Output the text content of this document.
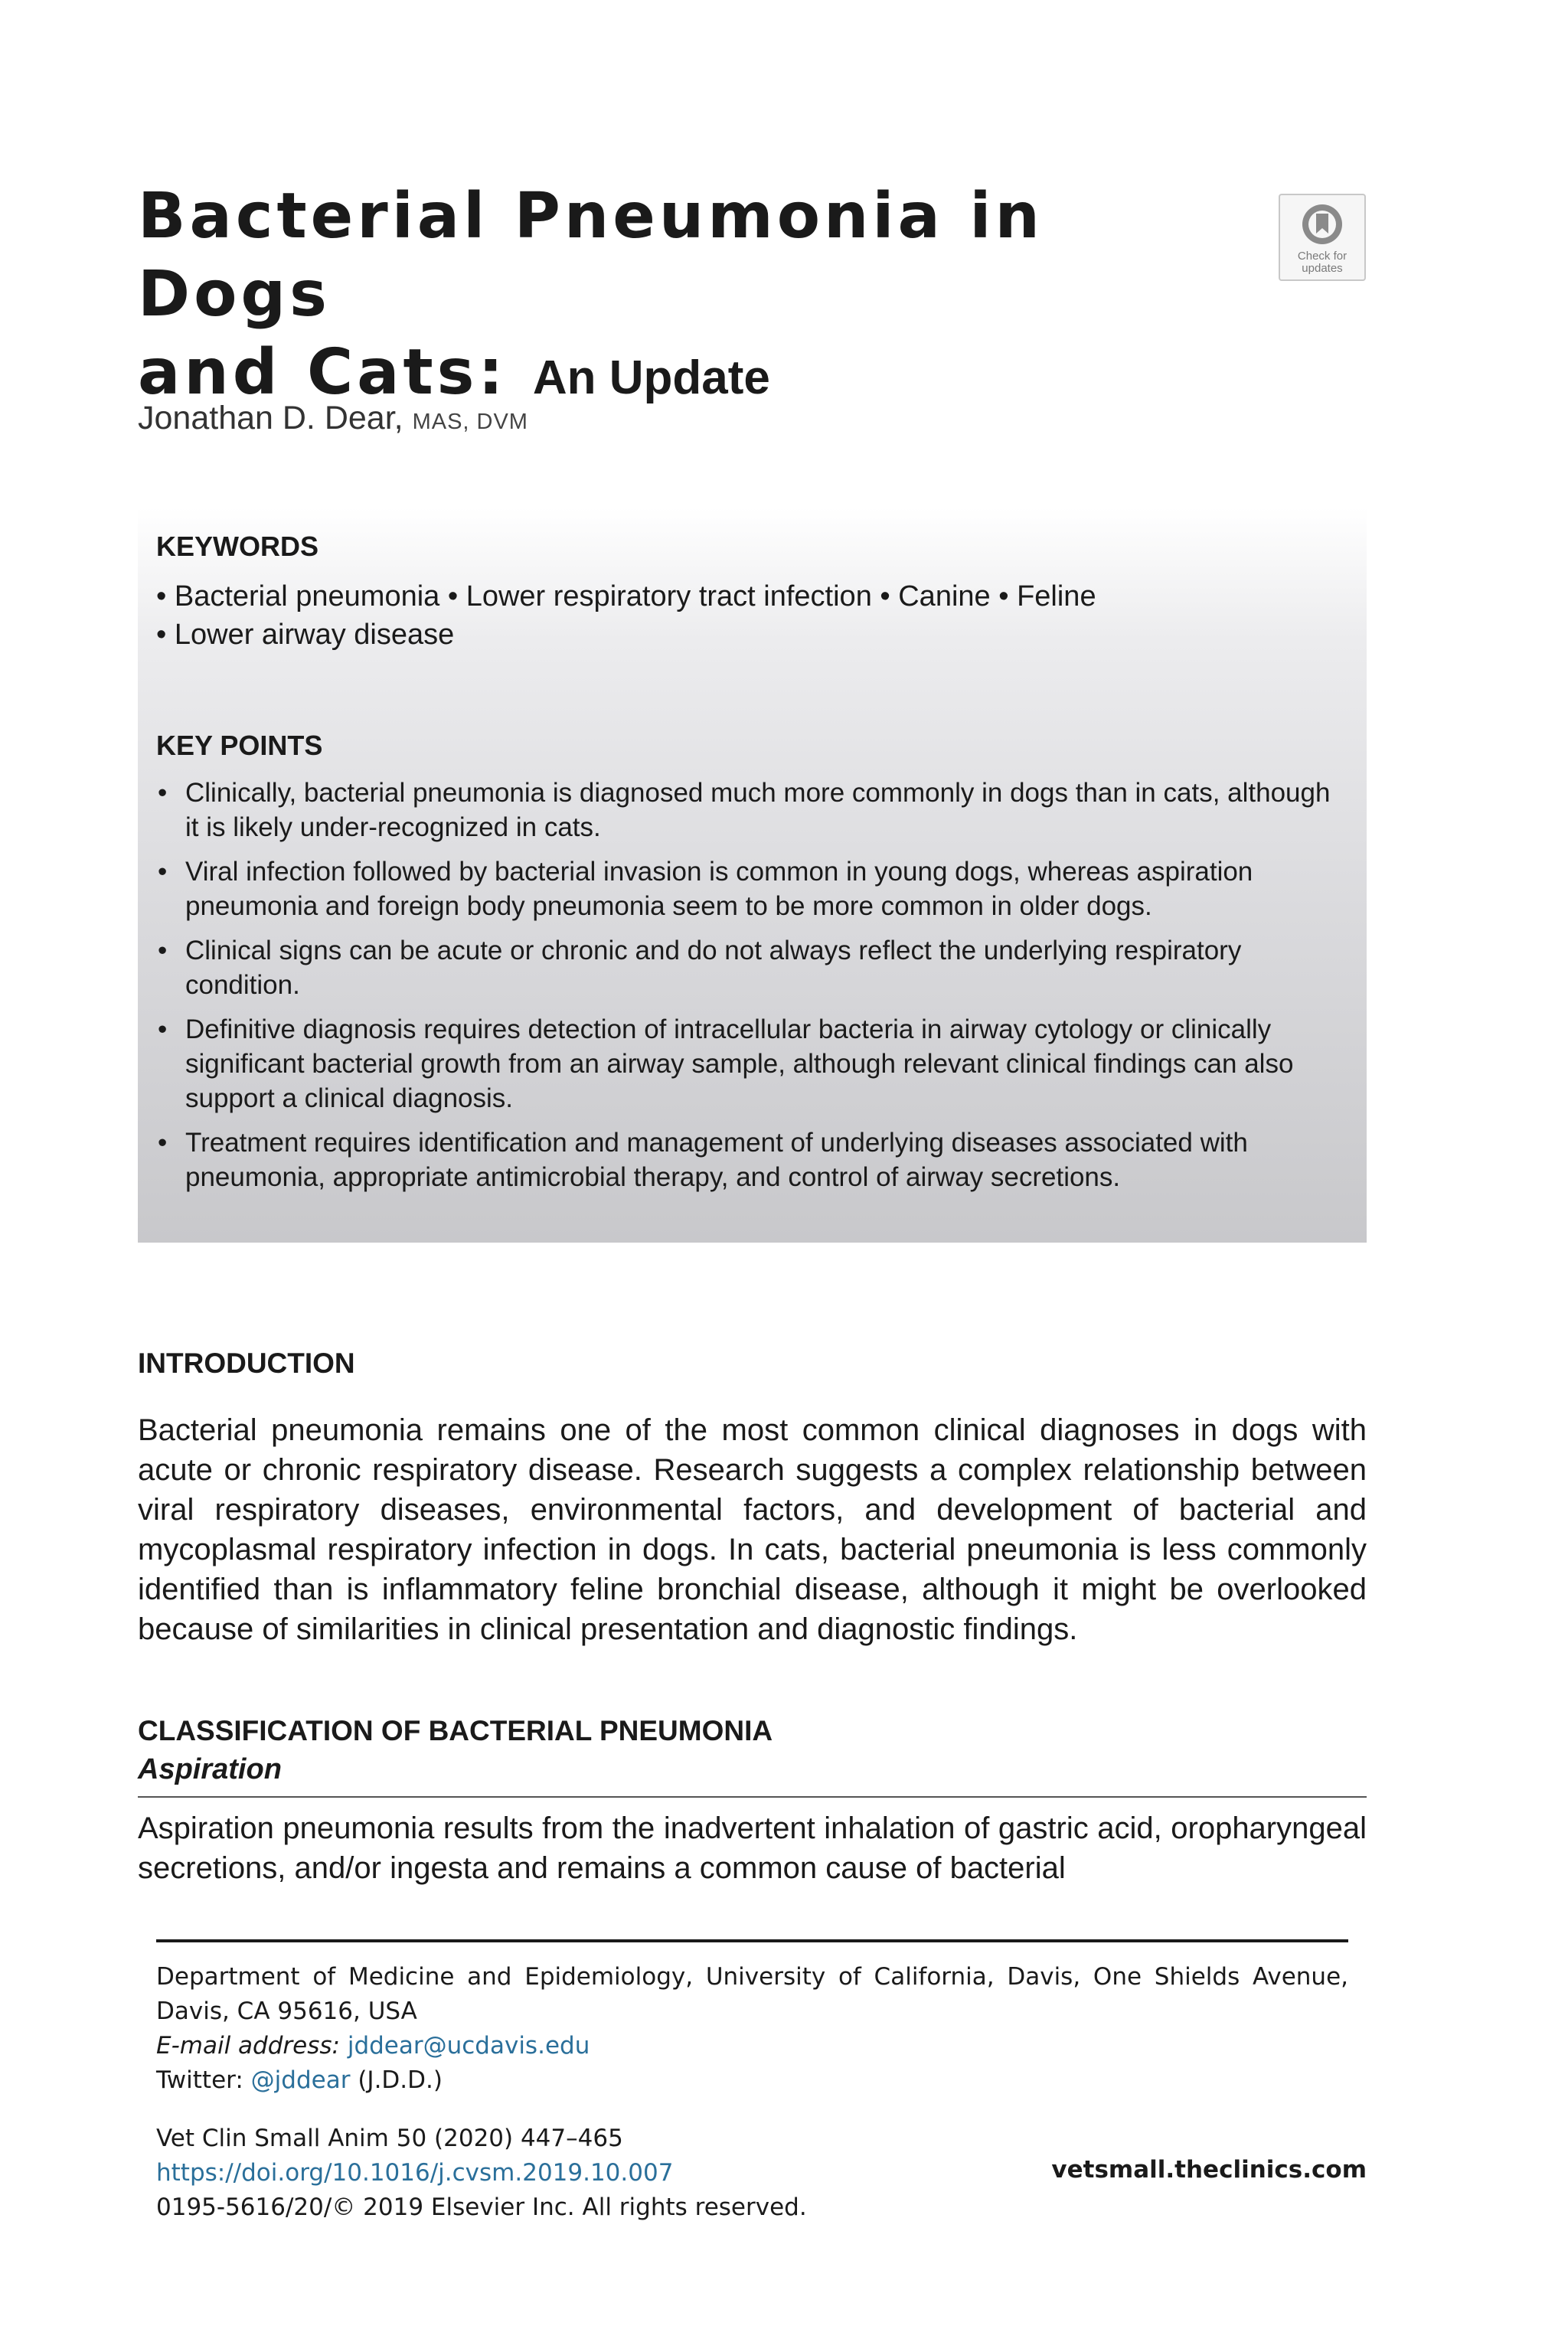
Bacterial Pneumonia in Dogs
and Cats: An Update
Check for
updates
Jonathan D. Dear, MAS, DVM
KEYWORDS
• Bacterial pneumonia • Lower respiratory tract infection • Canine • Feline
• Lower airway disease
KEY POINTS
• Clinically, bacterial pneumonia is diagnosed much more commonly in dogs than in cats, although it is likely under-recognized in cats.
• Viral infection followed by bacterial invasion is common in young dogs, whereas aspiration pneumonia and foreign body pneumonia seem to be more common in older dogs.
• Clinical signs can be acute or chronic and do not always reflect the underlying respiratory condition.
• Definitive diagnosis requires detection of intracellular bacteria in airway cytology or clinically significant bacterial growth from an airway sample, although relevant clinical findings can also support a clinical diagnosis.
• Treatment requires identification and management of underlying diseases associated with pneumonia, appropriate antimicrobial therapy, and control of airway secretions.
INTRODUCTION
Bacterial pneumonia remains one of the most common clinical diagnoses in dogs with acute or chronic respiratory disease. Research suggests a complex relationship between viral respiratory diseases, environmental factors, and development of bacterial and mycoplasmal respiratory infection in dogs. In cats, bacterial pneumonia is less commonly identified than is inflammatory feline bronchial disease, although it might be overlooked because of similarities in clinical presentation and diagnostic findings.
CLASSIFICATION OF BACTERIAL PNEUMONIA
Aspiration
Aspiration pneumonia results from the inadvertent inhalation of gastric acid, oropharyngeal secretions, and/or ingesta and remains a common cause of bacterial
Department of Medicine and Epidemiology, University of California, Davis, One Shields Avenue, Davis, CA 95616, USA
E-mail address: jddear@ucdavis.edu
Twitter: @jddear (J.D.D.)
Vet Clin Small Anim 50 (2020) 447–465
https://doi.org/10.1016/j.cvsm.2019.10.007	vetsmall.theclinics.com
0195-5616/20/© 2019 Elsevier Inc. All rights reserved.
